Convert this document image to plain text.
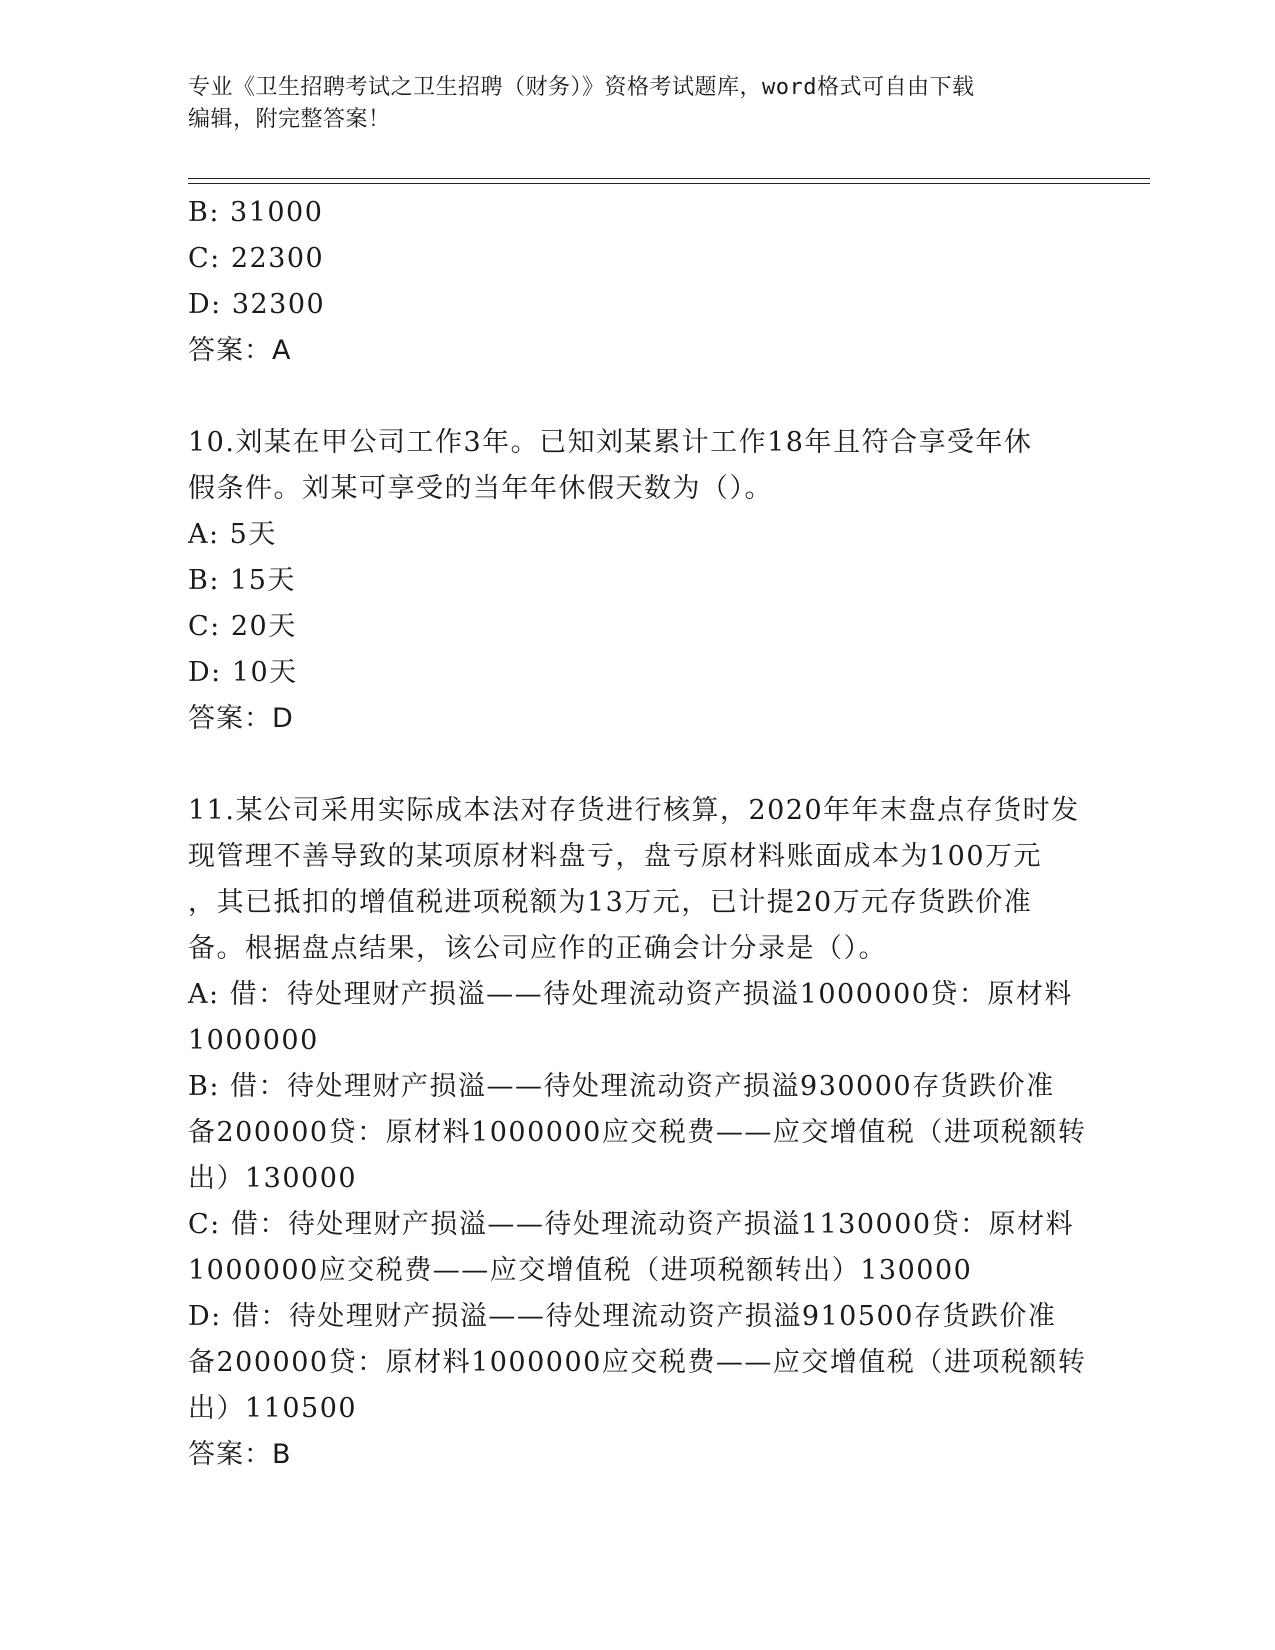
专业《卫生招聘考试之卫生招聘（财务）》资格考试题库，word格式可自由下载
编辑，附完整答案！
B: 31000
C: 22300
D: 32300
答案：A
10.刘某在甲公司工作3年。已知刘某累计工作18年且符合享受年休
假条件。刘某可享受的当年年休假天数为（）。
A: 5天
B: 15天
C: 20天
D: 10天
答案：D
11.某公司采用实际成本法对存货进行核算，2020年年末盘点存货时发
现管理不善导致的某项原材料盘亏，盘亏原材料账面成本为100万元
，其已抵扣的增值税进项税额为13万元，已计提20万元存货跌价准
备。根据盘点结果，该公司应作的正确会计分录是（）。
A: 借：待处理财产损溢——待处理流动资产损溢1000000贷：原材料
1000000
B: 借：待处理财产损溢——待处理流动资产损溢930000存货跌价准
备200000贷：原材料1000000应交税费——应交增值税（进项税额转
出）130000
C: 借：待处理财产损溢——待处理流动资产损溢1130000贷：原材料
1000000应交税费——应交增值税（进项税额转出）130000
D: 借：待处理财产损溢——待处理流动资产损溢910500存货跌价准
备200000贷：原材料1000000应交税费——应交增值税（进项税额转
出）110500
答案：B
